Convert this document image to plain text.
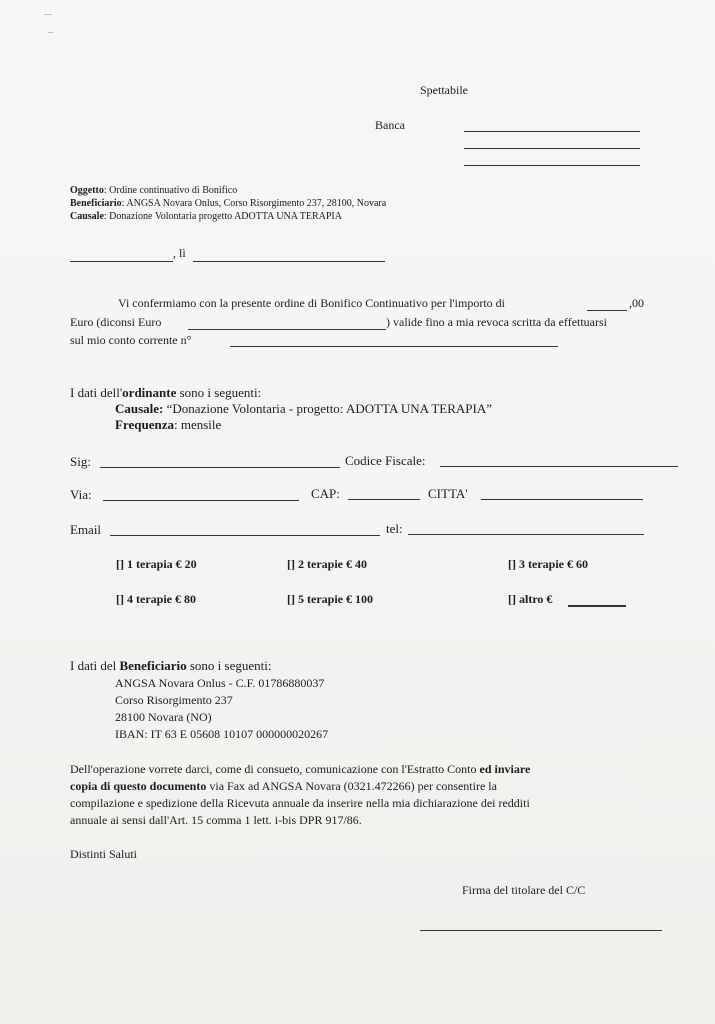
Spettabile
Banca
Oggetto: Ordine continuativo di Bonifico
Beneficiario: ANGSA Novara Onlus, Corso Risorgimento 237, 28100, Novara
Causale: Donazione Volontaria progetto ADOTTA UNA TERAPIA
, lì
Vi confermiamo con la presente ordine di Bonifico Continuativo per l'importo di	,00
Euro (diconsi Euro	) valide fino a mia revoca scritta da effettuarsi
sul mio conto corrente n°
I dati dell'ordinante sono i seguenti:
Causale: “Donazione Volontaria - progetto: ADOTTA UNA TERAPIA”
Frequenza: mensile
Sig:	Codice Fiscale:
Via:	CAP:	CITTA'
Email	tel:
[] 1 terapia € 20	[] 2 terapie € 40	[] 3 terapie € 60
[] 4 terapie € 80	[] 5 terapie € 100	[] altro €
I dati del Beneficiario sono i seguenti:
ANGSA Novara Onlus - C.F. 01786880037
Corso Risorgimento 237
28100 Novara (NO)
IBAN: IT 63 E 05608 10107 000000020267
Dell'operazione vorrete darci, come di consueto, comunicazione con l'Estratto Conto ed inviare
copia di questo documento via Fax ad ANGSA Novara (0321.472266) per consentire la
compilazione e spedizione della Ricevuta annuale da inserire nella mia dichiarazione dei redditi
annuale ai sensi dall'Art. 15 comma 1 lett. i-bis DPR 917/86.
Distinti Saluti
Firma del titolare del C/C
